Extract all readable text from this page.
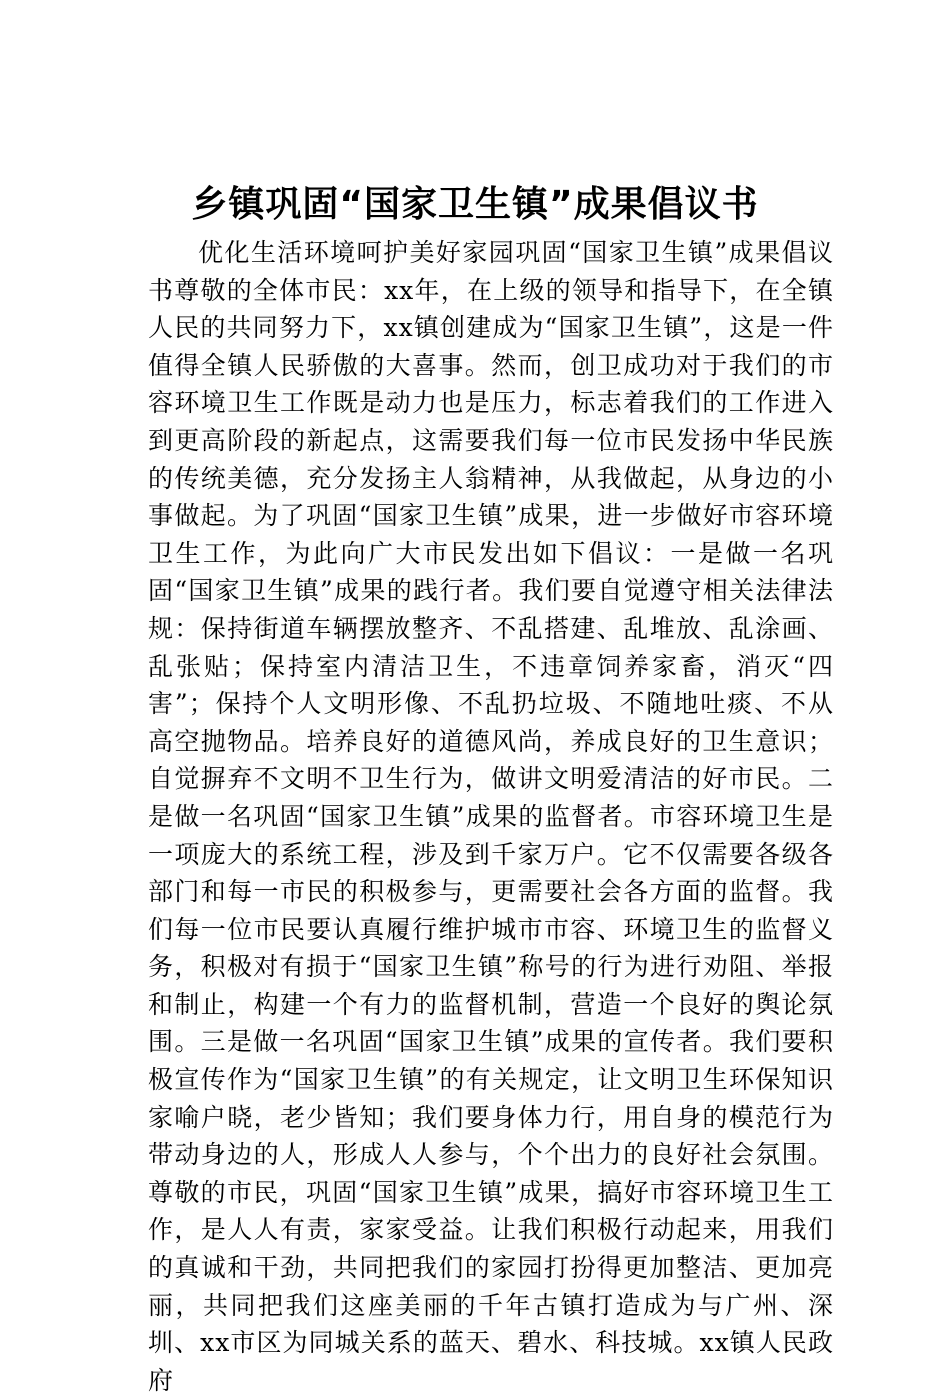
乡镇巩固“国家卫生镇”成果倡议书

优化生活环境呵护美好家园巩固“国家卫生镇”成果倡议书尊敬的全体市民：xx年，在上级的领导和指导下，在全镇人民的共同努力下，xx镇创建成为“国家卫生镇”，这是一件值得全镇人民骄傲的大喜事。然而，创卫成功对于我们的市容环境卫生工作既是动力也是压力，标志着我们的工作进入到更高阶段的新起点，这需要我们每一位市民发扬中华民族的传统美德，充分发扬主人翁精神，从我做起，从身边的小事做起。为了巩固“国家卫生镇”成果，进一步做好市容环境卫生工作，为此向广大市民发出如下倡议：一是做一名巩固“国家卫生镇”成果的践行者。我们要自觉遵守相关法律法规：保持街道车辆摆放整齐、不乱搭建、乱堆放、乱涂画、乱张贴；保持室内清洁卫生，不违章饲养家畜，消灭“四害”；保持个人文明形像、不乱扔垃圾、不随地吐痰、不从高空抛物品。培养良好的道德风尚，养成良好的卫生意识；自觉摒弃不文明不卫生行为，做讲文明爱清洁的好市民。二是做一名巩固“国家卫生镇”成果的监督者。市容环境卫生是一项庞大的系统工程，涉及到千家万户。它不仅需要各级各部门和每一市民的积极参与，更需要社会各方面的监督。我们每一位市民要认真履行维护城市市容、环境卫生的监督义务，积极对有损于“国家卫生镇”称号的行为进行劝阻、举报和制止，构建一个有力的监督机制，营造一个良好的舆论氛围。三是做一名巩固“国家卫生镇”成果的宣传者。我们要积极宣传作为“国家卫生镇”的有关规定，让文明卫生环保知识家喻户晓，老少皆知；我们要身体力行，用自身的模范行为带动身边的人，形成人人参与，个个出力的良好社会氛围。尊敬的市民，巩固“国家卫生镇”成果，搞好市容环境卫生工作，是人人有责，家家受益。让我们积极行动起来，用我们的真诚和干劲，共同把我们的家园打扮得更加整洁、更加亮丽，共同把我们这座美丽的千年古镇打造成为与广州、深圳、xx市区为同城关系的蓝天、碧水、科技城。xx镇人民政府
